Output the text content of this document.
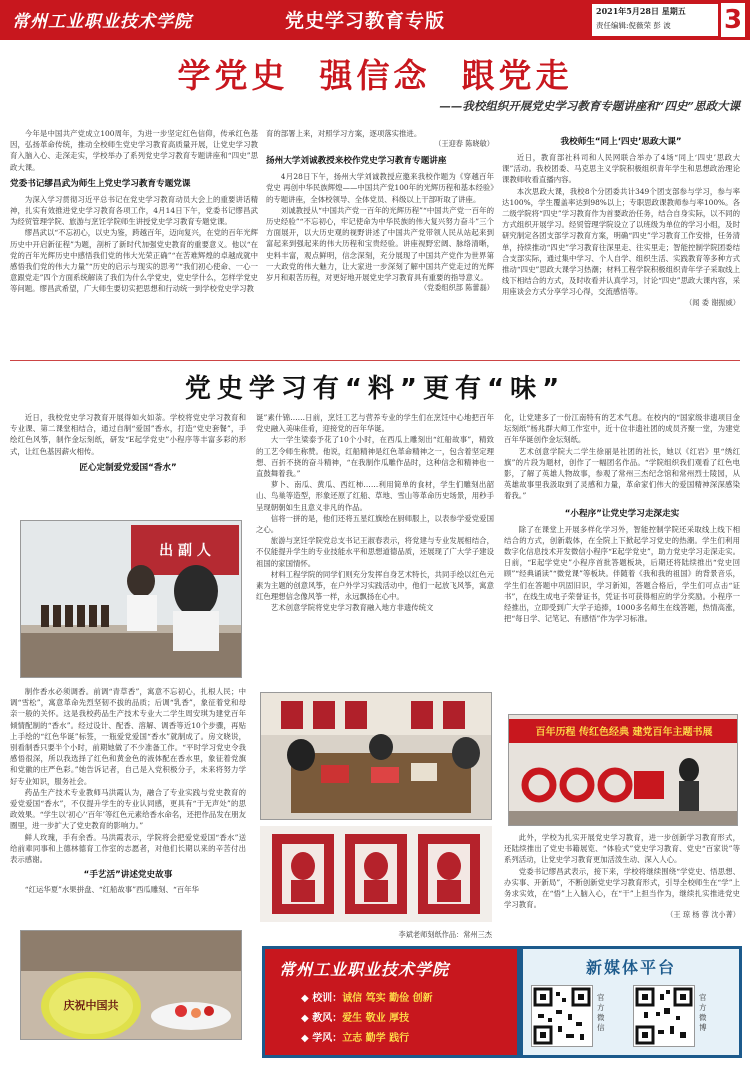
常州工业职业技术学院	党史学习教育专版	2021年5月28日 星期五
责任编辑:倪薇荣 彭 波	3
学党史  强信念  跟党走
——我校组织开展党史学习教育专题讲座和“四史”思政大课
今年是中国共产党成立100周年，为进一步坚定红色信仰，传承红色基因，弘扬革命传统，推动全校师生党史学习教育高质量开展，让党史学习教育入脑入心、走深走实，学校举办了系列党史学习教育专题讲座和“四史”思政大课。
党委书记缪昌武为师生上党史学习教育专题党课
为深入学习贯彻习近平总书记在党史学习教育动员大会上的重要讲话精神，扎实有效推进党史学习教育各项工作，4月14日下午，党委书记缪昌武为经贸管理学院、旅游与烹饪学院师生讲授党史学习教育专题党课。
缪昌武以“不忘初心，以史为鉴，跨越百年，迈向复兴，在党的百年光辉历史中开启新征程”为题，剖析了新时代加强党史教育的重要意义。他以“在党的百年光辉历史中感悟我们党的伟大光荣正确”“在苦难辉煌的卓越成就中感悟我们党的伟大力量”“历史的启示与现实的思考”“我们初心使命、一心一意跟党走”四个方面系统解读了我们为什么学党史，党史学什么，怎样学党史等问题。缪昌武希望，广大师生要切实把思想和行动统一到学校党史学习教
育的部署上来，对照学习方案，逐项落实推进。
（王迎春 陈晓敏）
扬州大学刘诚教授来校作党史学习教育专题讲座
4月28日下午，扬州大学刘诚教授应邀来我校作题为《穿越百年党史 再创中华民族辉煌——中国共产党100年的光辉历程和基本经验》的专题讲座，全体校领导、全体党员、科级以上干部听取了讲座。
刘诚教授从“中国共产党一百年的光辉历程”“中国共产党一百年的历史经验”“不忘初心，牢记使命为中华民族的伟大复兴努力奋斗”三个方面展开，以大历史观的视野讲述了中国共产党带领人民从站起来到富起来到强起来的伟大历程和宝贵经验。讲座视野宏阔、脉络清晰，史料丰富，观点鲜明，信念深刻，充分展现了中国共产党作为世界第一大政党的伟大魅力，让大家进一步深刻了解中国共产党走过的光辉岁月和艰苦历程，对更好地开展党史学习教育具有重要的指导意义。
（党委组织部 陈蕾磊）
我校师生“同上‘四史’思政大课”
近日，教育部社科司和人民网联合举办了4场“同上‘四史’思政大课”活动。我校团委、马克思主义学院积极组织青年学生和思想政治理论课教师收看直播内容。
本次思政大课，我校8个分团委共计349个团支部参与学习，参与率达100%，学生覆盖率达到98%以上；专职思政课教师参与率100%。各二级学院将“四史”学习教育作为首要政治任务，结合自身实际，以不同的方式组织开展学习。经贸管理学院设立了以班级为单位的学习小组，及时研究制定各团支部学习教育方案，明确“四史”学习教育工作安排，任务清单，持续推动“四史”学习教育往深里走、往实里走；智能控制学院团委结合支部实际，通过集中学习、个人自学、组织生活、实践教育等多种方式推动“四史”思政大课学习热潮；材料工程学院积极组织青年学子采取线上线下相结合的方式，及时收看并认真学习，讨论“四史”思政大课内容，采用座谈会方式分享学习心得，交流感悟等。
（闻 委 谢振威）
党史学习有“料”更有“味”
近日，我校党史学习教育开展得如火如荼。学校将党史学习教育和专业课、第二课堂相结合，通过自制“爱国”香水，打造“党史套餐”，手绘红色风筝，制作金坛刻纸，研发“E起学党史”小程序等丰富多彩的形式，让红色基因薪火相传。
匠心定制爱党爱国“香水”
出 副 人
制作香水必须调香。前调“青草香”，寓意不忘初心，扎根人民；中调“雪松”，寓意革命先烈坚韧不拔的品质；后调“乳香”，象征着党和母亲一般的关怀。这是我校药品生产技术专业大二学生周安琪为建党百年倾情配制的“香水”。经过设计、配香、溶解、调香等近10个步骤，再贴上手绘的“红色华诞”标签，一瓶爱党爱国“香水”就制成了。房文晓说，别看制香只要半个小时，前期她做了不少准备工作。“平时学习党史令我感悟很深，所以我选择了红色和黄金色的液体配在香水里，象征着党旗和党徽的庄严色彩。”她告诉记者，自己是入党积极分子，未来将努力学好专业知识，服务社会。
药品生产技术专业教师马洪霞认为，融合了专业实践与党史教育的爱党爱国“香水”，不仅提升学生的专业认同感，更具有“于无声处”的思政效果。“学生以‘初心’‘百年’等红色元素给香水命名，还把作品发在朋友圈里，进一步扩大了党史教育的影响力。”
鲜人玫瑰，手有余香。马洪霞表示，学院将会把爱党爱国“香水”送给前辈同事和上德林德育工作室的志愿者，对他们长期以来的辛苦付出表示感谢。
“手艺活”讲述党史故事
“红运华夏”水果拼盘、“红船故事”西瓜雕刻、“百年华
庆祝中国共
诞”素什锦……日前，烹饪工艺与营养专业的学生们在烹饪中心地把百年党史融入美味佳肴，迎接党的百年华诞。
大一学生梁泰予花了10个小时，在西瓜上雕刻出“红船故事”，精致的工艺令师生称赞。他说，红船精神是红色革命精神之一，包含着坚定理想、百折不挠的奋斗精神，“在我制作瓜雕作品时，这种信念和精神也一直鼓舞着我。”
萝卜、南瓜、黄瓜、西红柿……利用简单的食材，学生们雕刻出韶山、鸟巢等造型，形象还原了红船、草地、雪山等革命历史场景，用秒手呈现朝朝如生且意义非凡的作品。
信将一拼的是，他们还将五星红旗绘在厨师服上，以表参学爱党爱国之心。
旅游与烹饪学院党总支书记王淑春表示，将党建与专业发展相结合，不仅能提升学生的专业技能水平和思想道德品质，还展现了广大学子建设祖国的家国情怀。
材料工程学院的同学们则充分发挥自身艺术特长，共同手绘以红色元素为主题的创意风筝，在户外学习实践活动中，他们一起放飞风筝，寓意红色理想信念像风筝一样，永远飘扬在心中。
艺术创意学院将党史学习教育融入地方非遗传统文
李斌老师刻纸作品：常州三杰
化，让党建多了一份江南特有的艺术气息。在校内的“国家级非遗项目金坛刻纸”杨兆群大师工作室中，近十位非遗社团的成员齐聚一堂，为建党百年华诞创作金坛刻纸。
艺术创意学院大二学生徐丽是社团的社长，她以《红岩》里“绣红旗”的片段为题材，创作了一幅团名作品。“学院组织我们观看了红色电影，了解了英雄人物故事，参观了常州三杰纪念馆和常州烈士陵园，从英雄故事里我汲取到了灵感和力量，革命家们伟大的爱国精神深深感染着我。”
“小程序”让党史学习走深走实
除了在课堂上开展多样化学习外，智能控制学院还采取线上线下相结合的方式，创新载体，在全院上下掀起学习党史的热潮。学生们利用数字化信息技术开发微信小程序“E起学党史”，助力党史学习走深走实。日前，“E起学党史”小程序首批答题板块，后期还将陆续推出“党史回顾”“经典诵读”“微党课”等板块。伴随着《我和我的祖国》的背景音乐，学生们在答题中巩固旧识，学习新知，答题合格后，学生们可点击“证书”，在线生成电子荣誉证书，凭证书可获得相应的学分奖励。小程序一经推出，立即受到广大学子追捧，1000多名师生在线答题，热情高涨，把“每日学、记笔记、有感悟”作为学习标准。
百年历程 传红色经典 建党百年主题书展
此外，学校为扎实开展党史学习教育，进一步创新学习教育形式，还陆续推出了党史书籍展览、“体验式”党史学习教育、党史“百家说”等系列活动，让党史学习教育更加活泼生动、深入人心。
党委书记缪昌武表示，接下来，学校将继续围绕“学党史、悟思想、办实事、开新局”，不断创新党史学习教育形式，引导全校师生在“学”上务求实效，在“悟”上入脑入心，在“干”上担当作为，继续扎实推进党史学习教育。
（王 琼 杨 蓉 沈小菁）
常州工业职业技术学院
◆ 校训：诚信 笃实 勤俭 创新
◆ 教风：爱生 敬业 厚技
◆ 学风：立志 勤学 践行
新媒体平台
官方微信
官方微博
